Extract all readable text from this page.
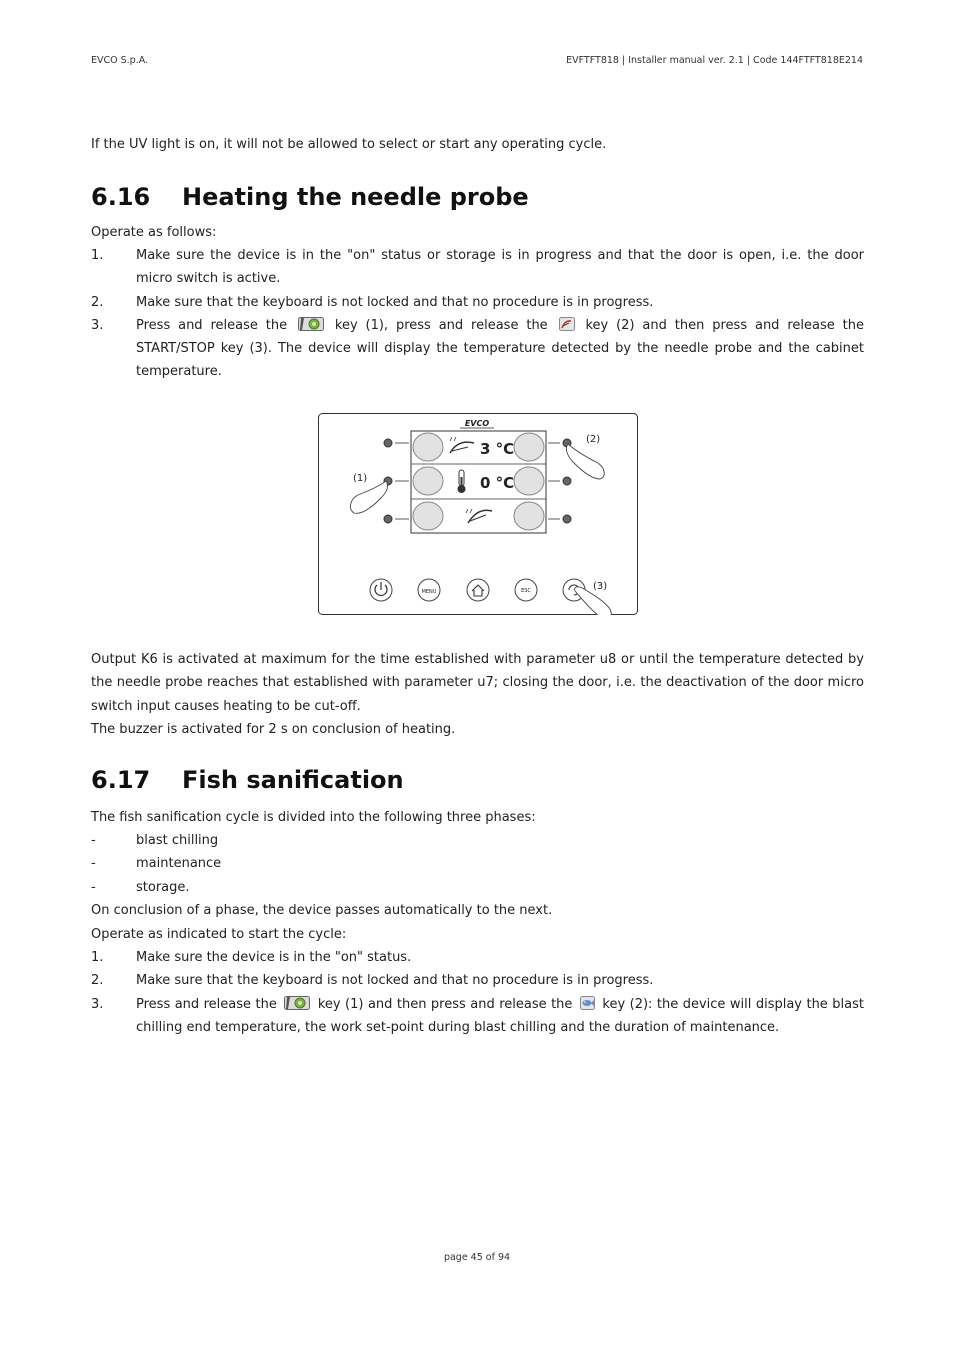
EVCO S.p.A.	EVFTFT818 | Installer manual ver. 2.1 | Code 144FTFT818E214
If the UV light is on, it will not be allowed to select or start any operating cycle.
6.16 Heating the needle probe
Operate as follows:
1.	Make sure the device is in the "on" status or storage is in progress and that the door is open, i.e. the door micro switch is active.
2.	Make sure that the keyboard is not locked and that no procedure is in progress.
3.	Press and release the	key (1), press and release the	key (2) and then press and release the START/STOP key (3). The device will display the temperature detected by the needle probe and the cabinet temperature.
EVCO
3 °C
0 °C
(1)
(2)
MENU	ESC	(3)
Output K6 is activated at maximum for the time established with parameter u8 or until the temperature detected by the needle probe reaches that established with parameter u7; closing the door, i.e. the deactivation of the door micro switch input causes heating to be cut-off.
The buzzer is activated for 2 s on conclusion of heating.
6.17 Fish sanification
The fish sanification cycle is divided into the following three phases:
-	blast chilling
-	maintenance
-	storage.
On conclusion of a phase, the device passes automatically to the next.
Operate as indicated to start the cycle:
1.	Make sure the device is in the "on" status.
2.	Make sure that the keyboard is not locked and that no procedure is in progress.
3.	Press and release the	key (1) and then press and release the key (2): the device will display the blast chilling end temperature, the work set-point during blast chilling and the duration of maintenance.
page 45 of 94
